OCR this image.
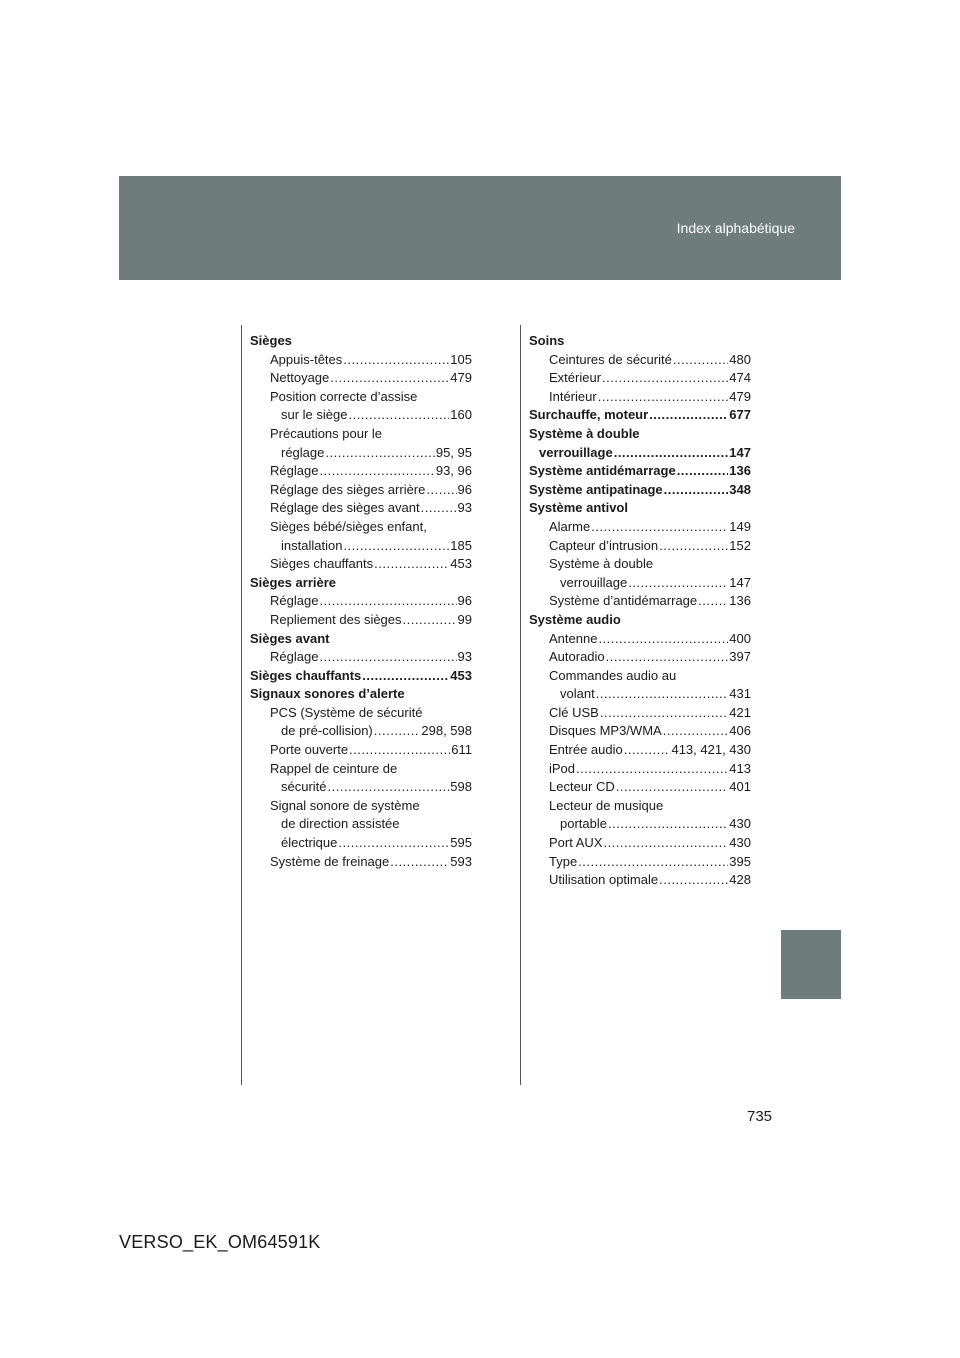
Index alphabétique
Sièges
Appuis-têtes .....	105
Nettoyage .....	479
Position correcte d’assise
sur le siège .....	160
Précautions pour le
réglage .....	95, 95
Réglage .....	93, 96
Réglage des sièges arrière ..... 96
Réglage des sièges avant .....	93
Sièges bébé/sièges enfant,
installation .....	185
Sièges chauffants .....	453
Sièges arrière
Réglage .....	96
Repliement des sièges .....	99
Sièges avant
Réglage .....	93
Sièges chauffants .....	453
Signaux sonores d’alerte
PCS (Système de sécurité
de pré-collision) .....	298, 598
Porte ouverte .....	611
Rappel de ceinture de
sécurité .....	598
Signal sonore de système
de direction assistée
électrique .....	595
Système de freinage .....	593
Soins
Ceintures de sécurité .....	480
Extérieur .....	474
Intérieur .....	479
Surchauffe, moteur .....	677
Système à double
verrouillage .....	147
Système antidémarrage .....	136
Système antipatinage .....	348
Système antivol
Alarme .....	149
Capteur d’intrusion .....	152
Système à double
verrouillage .....	147
Système d’antidémarrage ..... 136
Système audio
Antenne .....	400
Autoradio .....	397
Commandes audio au
volant .....	431
Clé USB .....	421
Disques MP3/WMA .....	406
Entrée audio .....	413, 421, 430
iPod .....	413
Lecteur CD .....	401
Lecteur de musique
portable .....	430
Port AUX .....	430
Type .....	395
Utilisation optimale .....	428
735
VERSO_EK_OM64591K
